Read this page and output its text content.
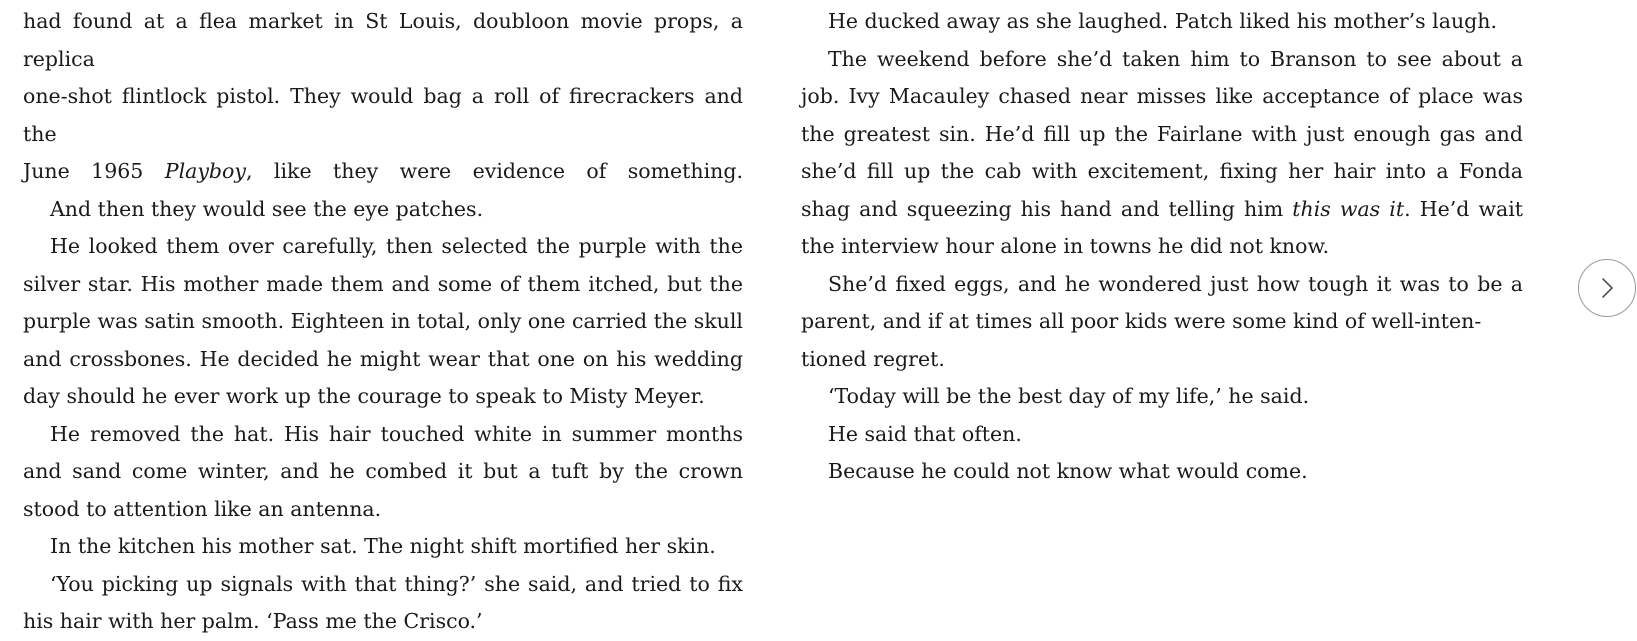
had found at a flea market in St Louis, doubloon movie props, a replica
one-shot flintlock pistol. They would bag a roll of firecrackers and the
June 1965 Playboy, like they were evidence of something.

And then they would see the eye patches.

He looked them over carefully, then selected the purple with the silver star. His mother made them and some of them itched, but the purple was satin smooth. Eighteen in total, only one carried the skull and crossbones. He decided he might wear that one on his wedding day should he ever work up the courage to speak to Misty Meyer.

He removed the hat. His hair touched white in summer months and sand come winter, and he combed it but a tuft by the crown stood to attention like an antenna.

In the kitchen his mother sat. The night shift mortified her skin.

‘You picking up signals with that thing?’ she said, and tried to fix his hair with her palm. ‘Pass me the Crisco.’

He ducked away as she laughed. Patch liked his mother’s laugh.

The weekend before she’d taken him to Branson to see about a job. Ivy Macauley chased near misses like acceptance of place was the greatest sin. He’d fill up the Fairlane with just enough gas and she’d fill up the cab with excitement, fixing her hair into a Fonda shag and squeezing his hand and telling him this was it. He’d wait the interview hour alone in towns he did not know.

She’d fixed eggs, and he wondered just how tough it was to be a parent, and if at times all poor kids were some kind of well-inten-
tioned regret.

‘Today will be the best day of my life,’ he said.

He said that often.

Because he could not know what would come.
